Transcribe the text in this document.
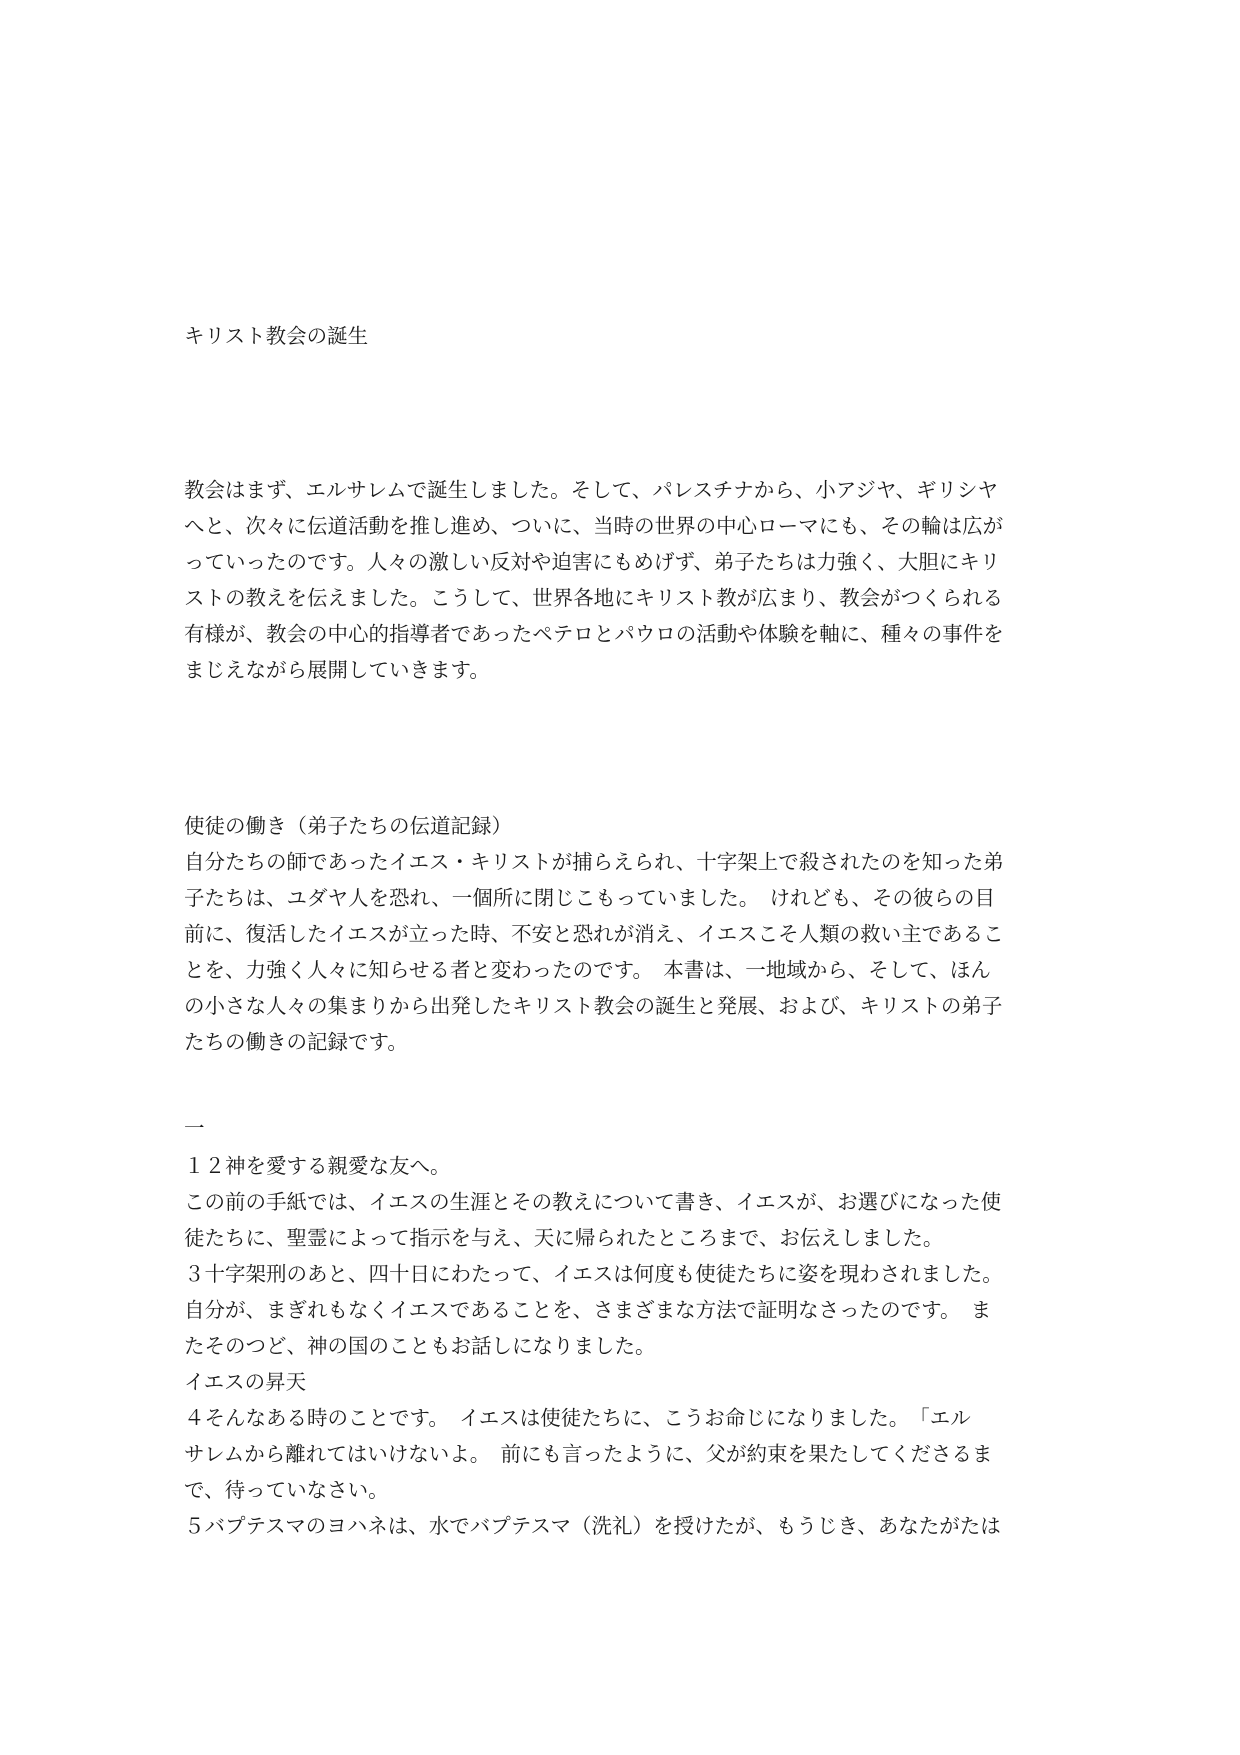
キリスト教会の誕生
教会はまず、エルサレムで誕生しました。そして、パレスチナから、小アジヤ、ギリシヤ
へと、次々に伝道活動を推し進め、ついに、当時の世界の中心ローマにも、その輪は広が
っていったのです。人々の激しい反対や迫害にもめげず、弟子たちは力強く、大胆にキリ
ストの教えを伝えました。こうして、世界各地にキリスト教が広まり、教会がつくられる
有様が、教会の中心的指導者であったペテロとパウロの活動や体験を軸に、種々の事件を
まじえながら展開していきます。
使徒の働き（弟子たちの伝道記録）
自分たちの師であったイエス・キリストが捕らえられ、十字架上で殺されたのを知った弟
子たちは、ユダヤ人を恐れ、一個所に閉じこもっていました。　けれども、その彼らの目
前に、復活したイエスが立った時、不安と恐れが消え、イエスこそ人類の救い主であるこ
とを、力強く人々に知らせる者と変わったのです。　本書は、一地域から、そして、ほん
の小さな人々の集まりから出発したキリスト教会の誕生と発展、および、キリストの弟子
たちの働きの記録です。
一
１２神を愛する親愛な友へ。
この前の手紙では、イエスの生涯とその教えについて書き、イエスが、お選びになった使
徒たちに、聖霊によって指示を与え、天に帰られたところまで、お伝えしました。
３十字架刑のあと、四十日にわたって、イエスは何度も使徒たちに姿を現わされました。
自分が、まぎれもなくイエスであることを、さまざまな方法で証明なさったのです。　ま
たそのつど、神の国のこともお話しになりました。
イエスの昇天
４そんなある時のことです。　イエスは使徒たちに、こうお命じになりました。　「エル
サレムから離れてはいけないよ。　前にも言ったように、父が約束を果たしてくださるま
で、待っていなさい。
５バプテスマのヨハネは、水でバプテスマ（洗礼）を授けたが、もうじき、あなたがたは
